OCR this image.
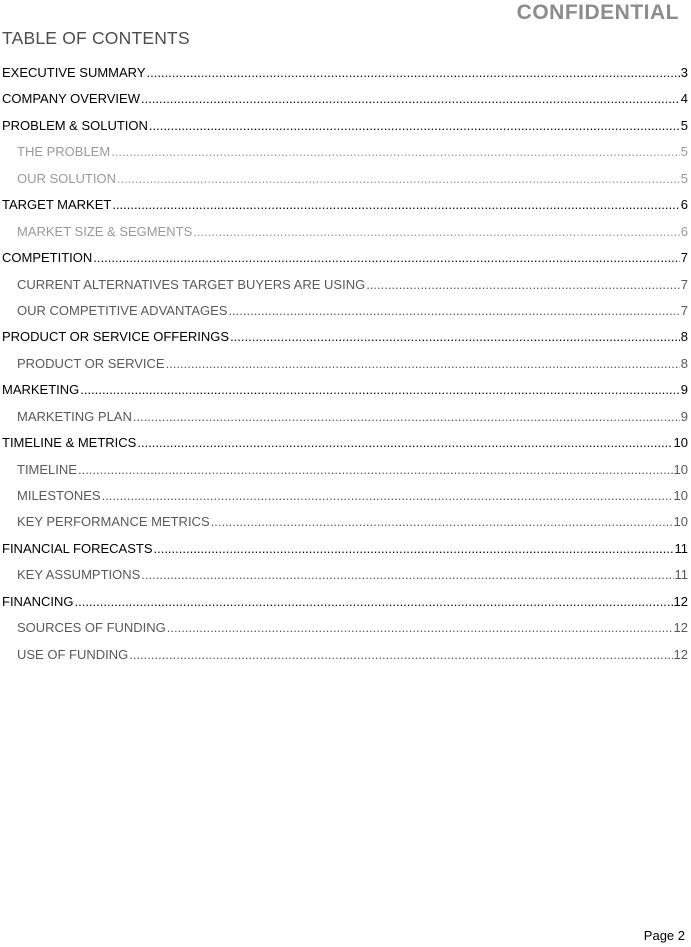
CONFIDENTIAL
TABLE OF CONTENTS
EXECUTIVE SUMMARY .....	3
COMPANY OVERVIEW .....	4
PROBLEM & SOLUTION .....	5
THE PROBLEM .....	5
OUR SOLUTION .....	5
TARGET MARKET .....	6
MARKET SIZE & SEGMENTS .....	6
COMPETITION .....	7
CURRENT ALTERNATIVES TARGET BUYERS ARE USING .....	7
OUR COMPETITIVE ADVANTAGES .....	7
PRODUCT OR SERVICE OFFERINGS .....	8
PRODUCT OR SERVICE .....	8
MARKETING .....	9
MARKETING PLAN .....	9
TIMELINE & METRICS .....	10
TIMELINE .....	10
MILESTONES .....	10
KEY PERFORMANCE METRICS .....	10
FINANCIAL FORECASTS .....	11
KEY ASSUMPTIONS .....	11
FINANCING .....	12
SOURCES OF FUNDING .....	12
USE OF FUNDING .....	12
Page 2
